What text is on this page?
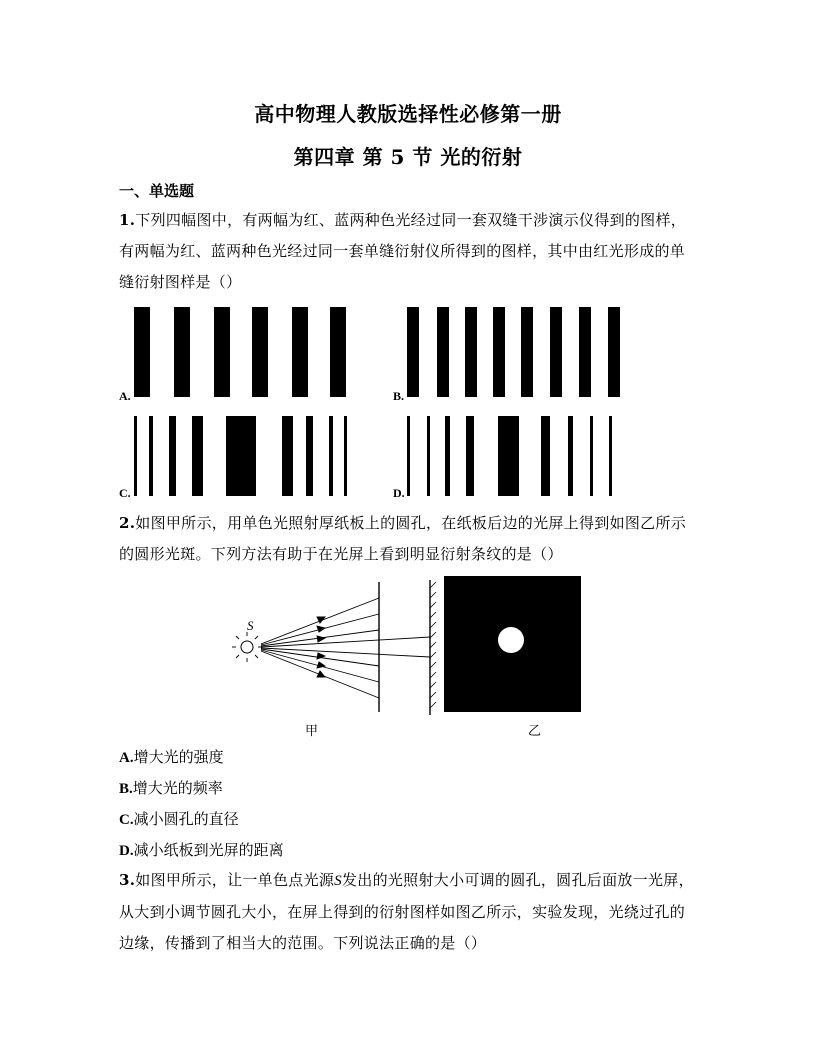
高中物理人教版选择性必修第一册
第四章 第 5 节 光的衍射
一、单选题
1.下列四幅图中，有两幅为红、蓝两种色光经过同一套双缝干涉演示仪得到的图样，有两幅为红、蓝两种色光经过同一套单缝衍射仪所得到的图样，其中由红光形成的单缝衍射图样是（）
A.	B.
C.	D.
2.如图甲所示，用单色光照射厚纸板上的圆孔，在纸板后边的光屏上得到如图乙所示的圆形光斑。下列方法有助于在光屏上看到明显衍射条纹的是（）
S
甲	乙
A.增大光的强度
B.增大光的频率
C.减小圆孔的直径
D.减小纸板到光屏的距离
3.如图甲所示，让一单色点光源S发出的光照射大小可调的圆孔，圆孔后面放一光屏，从大到小调节圆孔大小，在屏上得到的衍射图样如图乙所示，实验发现，光绕过孔的边缘，传播到了相当大的范围。下列说法正确的是（）
